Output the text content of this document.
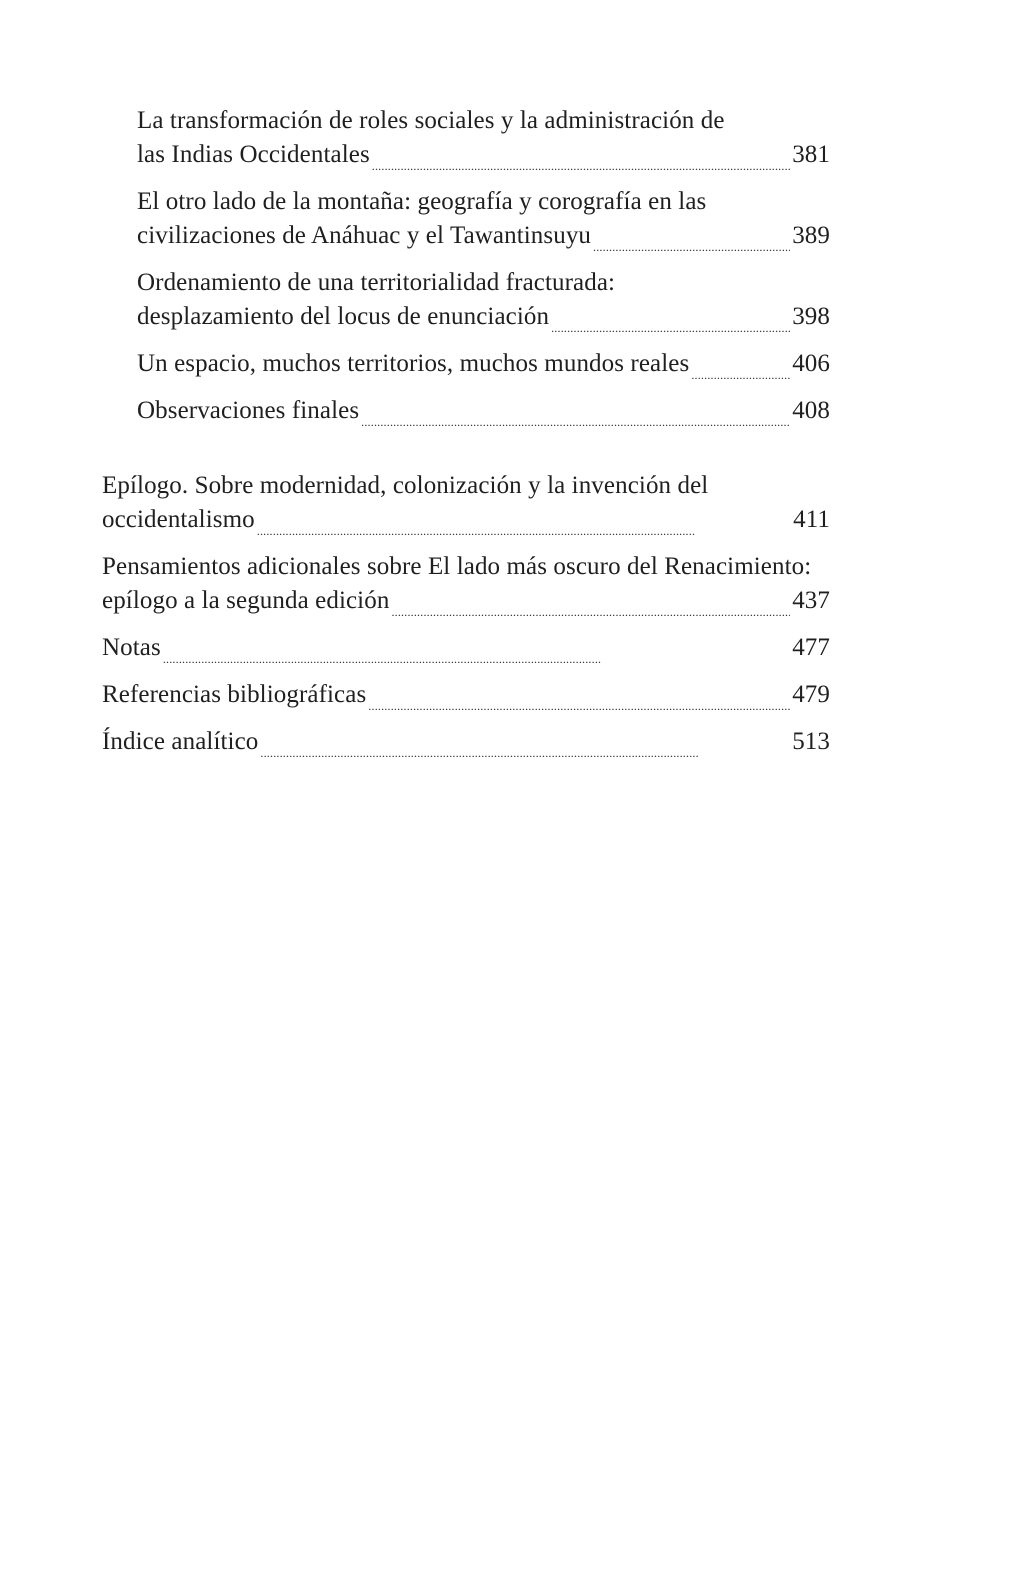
La transformación de roles sociales y la administración de
las Indias Occidentales . . .	381
El otro lado de la montaña: geografía y corografía en las
civilizaciones de Anáhuac y el Tawantinsuyu . . .	389
Ordenamiento de una territorialidad fracturada:
desplazamiento del locus de enunciación . . .	398
Un espacio, muchos territorios, muchos mundos reales . . .	406
Observaciones finales . . .	408
Epílogo. Sobre modernidad, colonización y la invención del
occidentalismo . . .	411
Pensamientos adicionales sobre El lado más oscuro del Renacimiento:
epílogo a la segunda edición . . .	437
Notas . . .	477
Referencias bibliográficas . . .	479
Índice analítico . . .	513
